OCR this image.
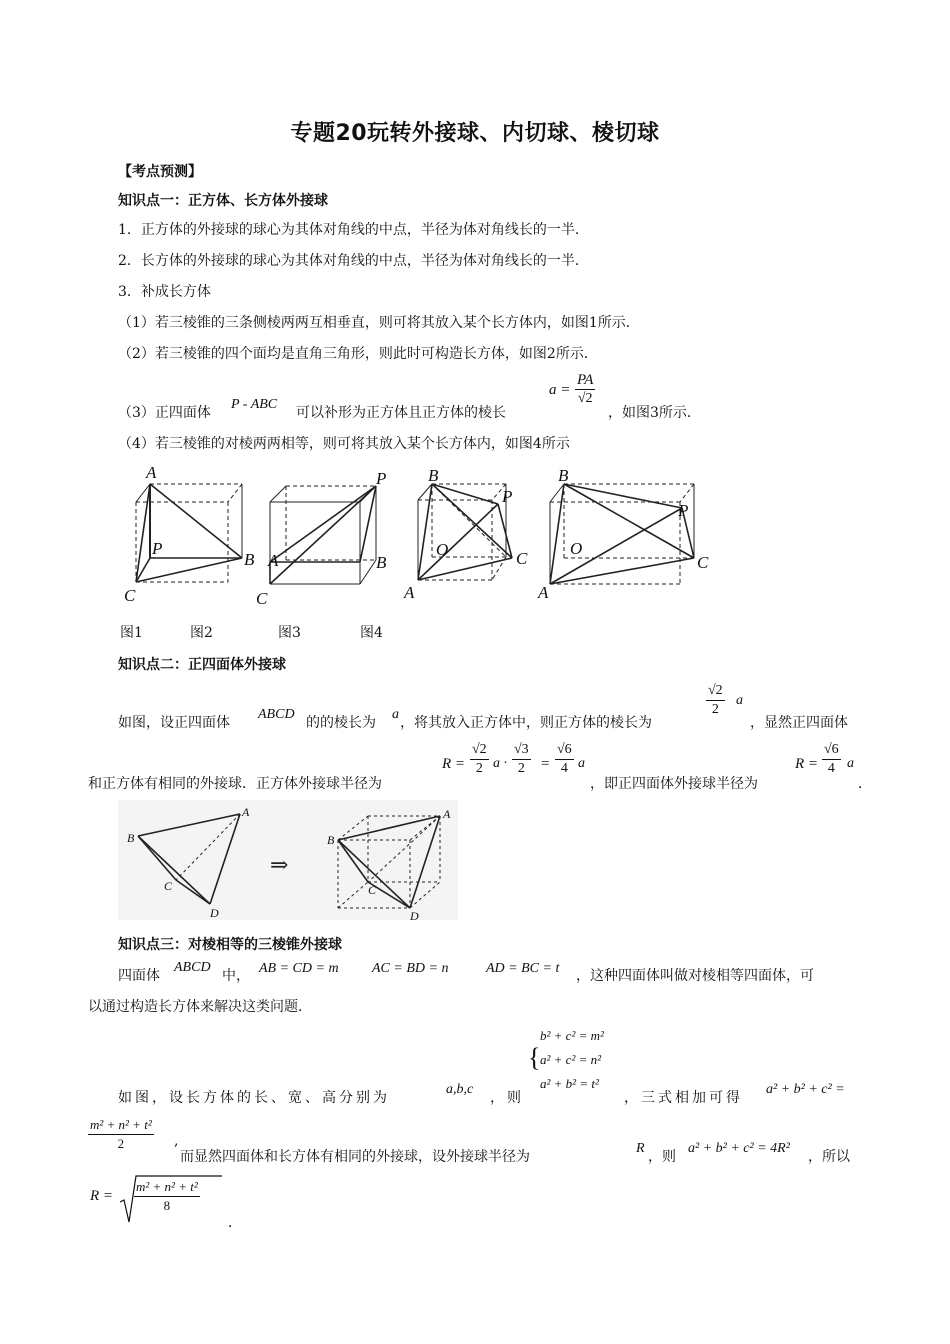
专题20玩转外接球、内切球、棱切球
【考点预测】
知识点一：正方体、长方体外接球
1．正方体的外接球的球心为其体对角线的中点，半径为体对角线长的一半．
2．长方体的外接球的球心为其体对角线的中点，半径为体对角线长的一半．
3．补成长方体
（1）若三棱锥的三条侧棱两两互相垂直，则可将其放入某个长方体内，如图1所示．
（2）若三棱锥的四个面均是直角三角形，则此时可构造长方体，如图2所示．
（3）正四面体
P - ABC
可以补形为正方体且正方体的棱长
$a = \frac{PA}{√2}$
，如图3所示．
（4）若三棱锥的对棱两两相等，则可将其放入某个长方体内，如图4所示
A
P
B
C
P
A	B
C
B
P
O	C
A
B
P
O
C
A
图1	图2	图3	图4
知识点二：正四面体外接球
如图，设正四面体
ABCD
的的棱长为
a
，将其放入正方体中，则正方体的棱长为
$\frac{√2}{2}$ a
，显然正四面体
和正方体有相同的外接球．正方体外接球半径为
$R = \frac{√2}{2}$ $a \cdot \frac{√3}{2} = \frac{√6}{4}$ a
，即正四面体外接球半径为
$R = \frac{√6}{4}$ a
．
B
A
C
D
B
A
C
D
⇒
知识点三：对棱相等的三棱锥外接球
四面体
ABCD
中， AB = CD = m AC = BD = n	AD = BC = t ，这种四面体叫做对棱相等四面体，可
以通过构造长方体来解决这类问题．
如图，设长方体的长、宽、高分别为
a,b,c
，则
{
b² + c² = m²
a² + c² = n²
a² + b² = t²
，三式相加可得
a² + b² + c² =
$\frac{\text{m² + n² + t²}}{2}$ ,
而显然四面体和长方体有相同的外接球，设外接球半径为
R
，则
a² + b² + c² = 4R²
，所以
$R = \frac{\text{m² + n² + t²}}{8}$
．
